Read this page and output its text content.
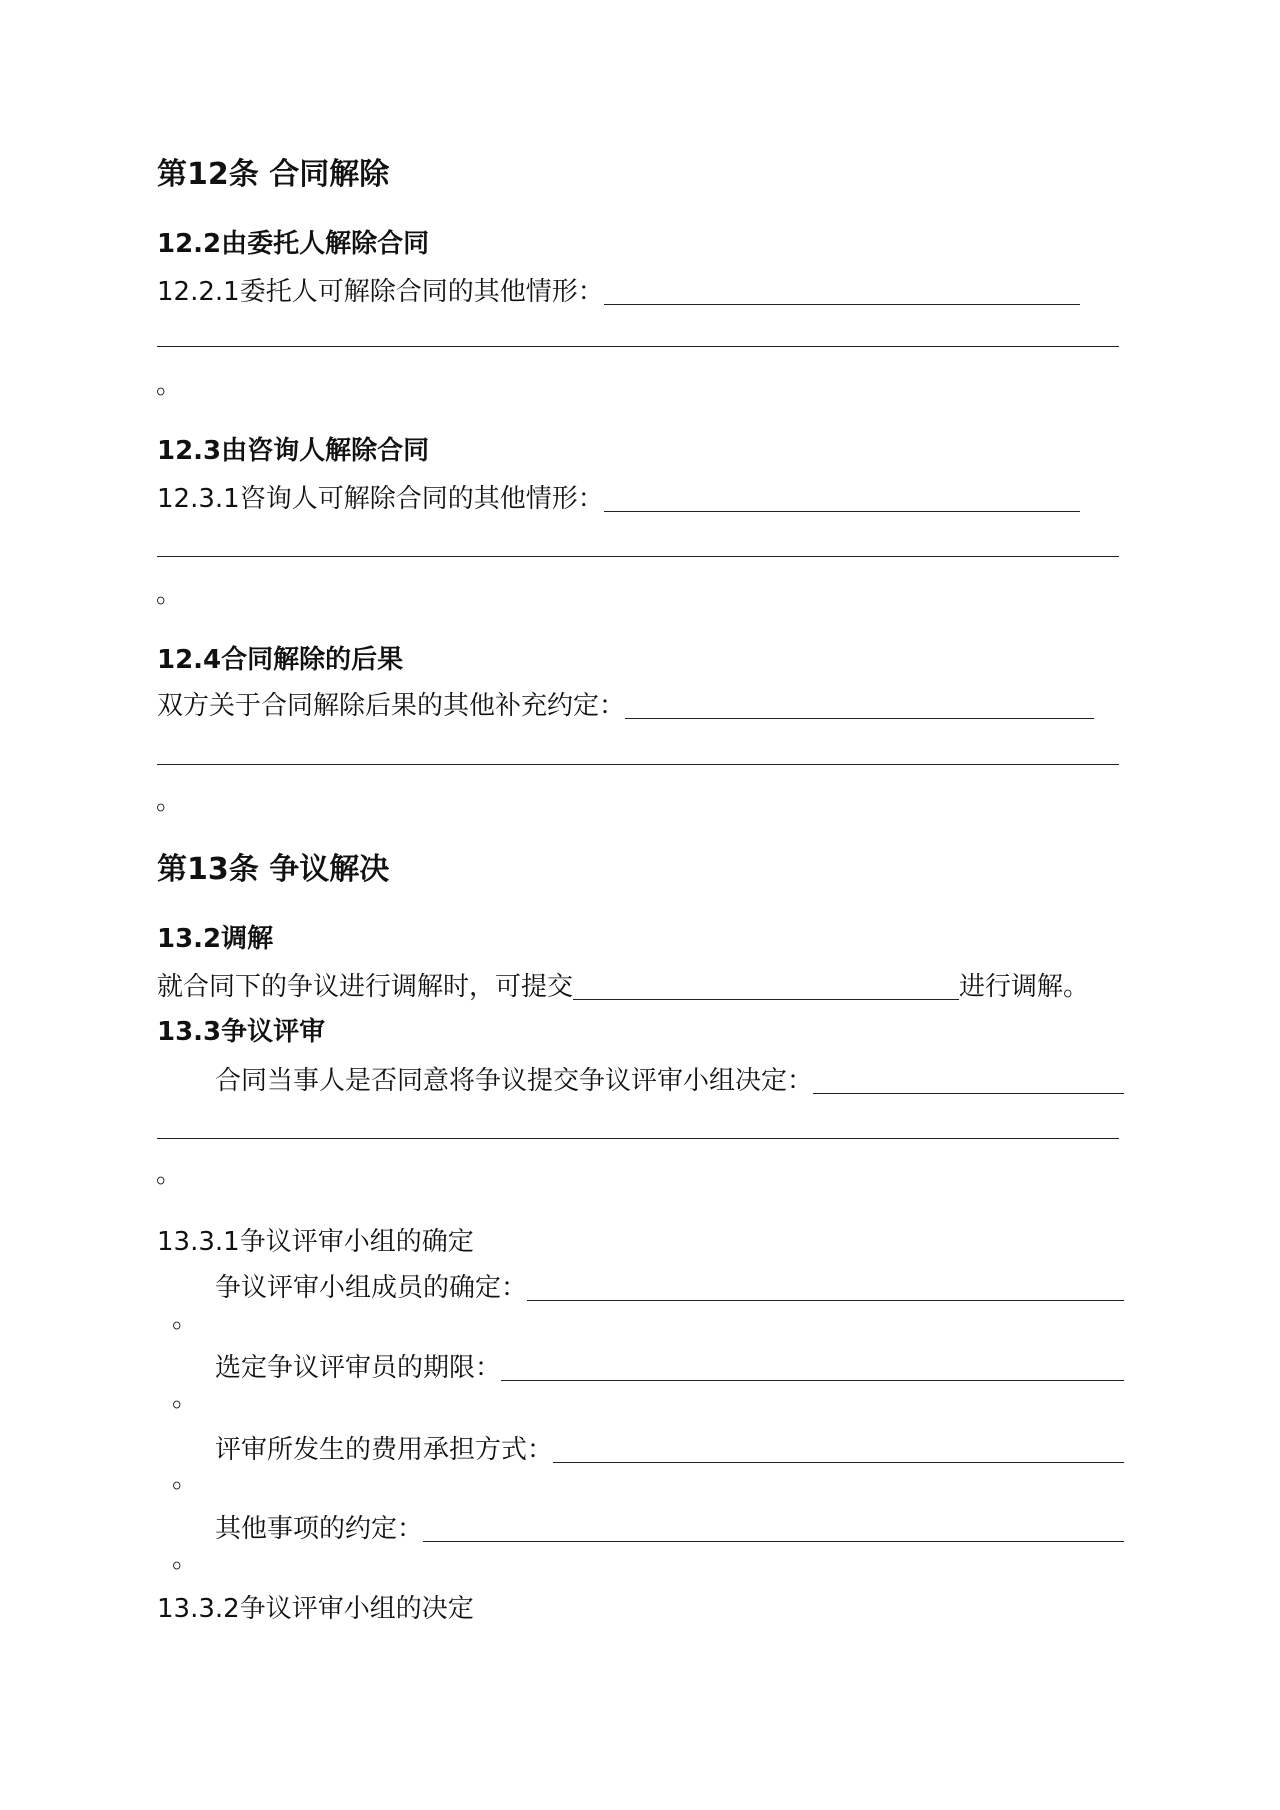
第12条 合同解除
12.2由委托人解除合同
12.2.1委托人可解除合同的其他情形：
。
12.3由咨询人解除合同
12.3.1咨询人可解除合同的其他情形：
。
12.4合同解除的后果
双方关于合同解除后果的其他补充约定：
。
第13条 争议解决
13.2调解
就合同下的争议进行调解时，可提交	进行调解。
13.3争议评审
合同当事人是否同意将争议提交争议评审小组决定：
。
13.3.1争议评审小组的确定
争议评审小组成员的确定：
。
选定争议评审员的期限：
。
评审所发生的费用承担方式：
。
其他事项的约定：
。
13.3.2争议评审小组的决定
